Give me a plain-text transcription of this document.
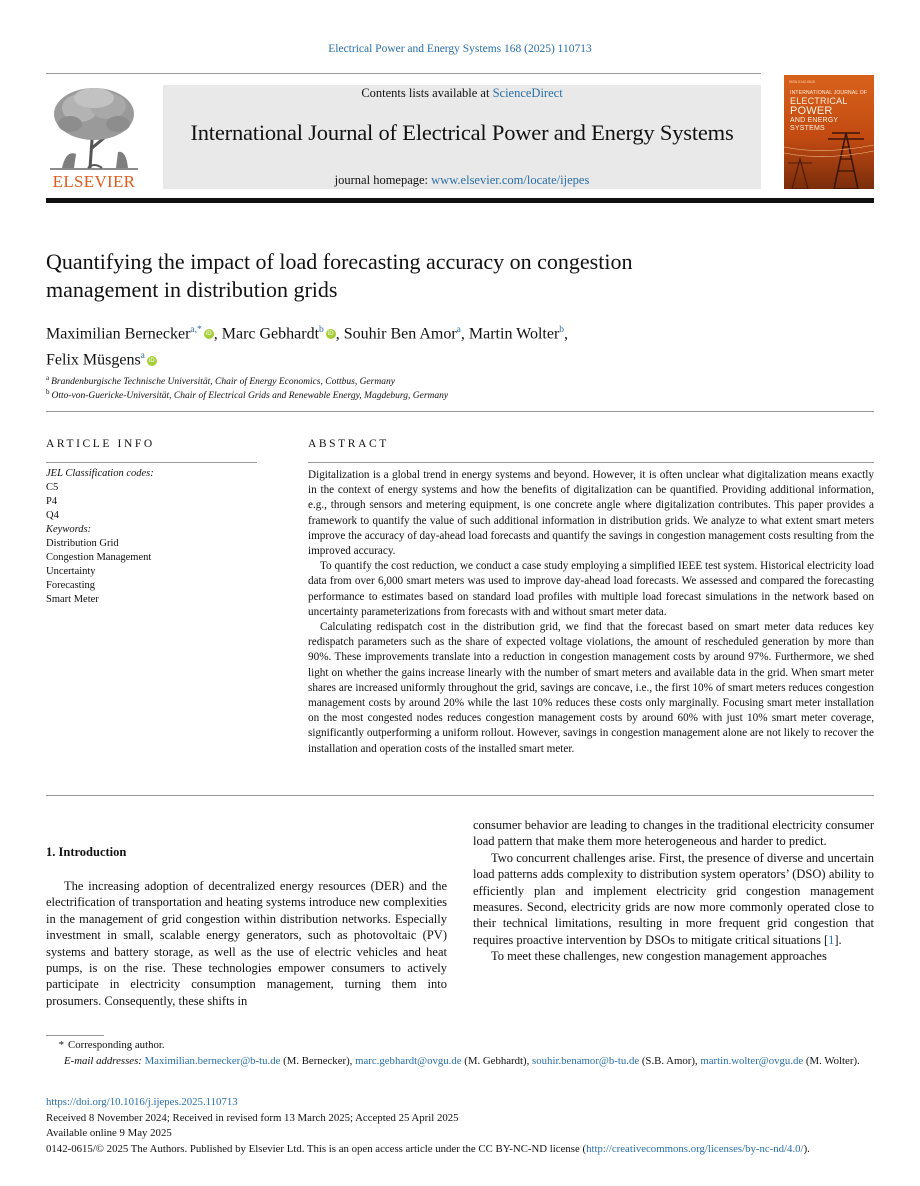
Electrical Power and Energy Systems 168 (2025) 110713
ELSEVIER
Contents lists available at ScienceDirect
International Journal of Electrical Power and Energy Systems
journal homepage: www.elsevier.com/locate/ijepes
ISSN 0142-0615
INTERNATIONAL JOURNAL OF
ELECTRICAL
POWER
AND ENERGY
SYSTEMS
Quantifying the impact of load forecasting accuracy on congestion
management in distribution grids
Maximilian Bernecker$^{a,*}$ iD , Marc Gebhardt$^b$ iD , Souhir Ben Amor$^a$, Martin Wolter$^b$,
Felix Müsgens$^a$ iD
$^a$ Brandenburgische Technische Universität, Chair of Energy Economics, Cottbus, Germany
$^b$ Otto-von-Guericke-Universität, Chair of Electrical Grids and Renewable Energy, Magdeburg, Germany
ARTICLE INFO	ABSTRACT
JEL Classification codes:
C5
P4
Q4
Keywords:
Distribution Grid
Congestion Management
Uncertainty
Forecasting
Smart Meter

Digitalization is a global trend in energy systems and beyond. However, it is often unclear what digitalization means exactly in the context of energy systems and how the benefits of digitalization can be quantified. Providing additional information, e.g., through sensors and metering equipment, is one concrete angle where digitalization contributes. This paper provides a framework to quantify the value of such additional information in distribution grids. We analyze to what extent smart meters improve the accuracy of day-ahead load forecasts and quantify the savings in congestion management costs resulting from the improved accuracy.

To quantify the cost reduction, we conduct a case study employing a simplified IEEE test system. Historical electricity load data from over 6,000 smart meters was used to improve day-ahead load forecasts. We assessed and compared the forecasting performance to estimates based on standard load profiles with multiple load forecast simulations in the network based on uncertainty parameterizations from forecasts with and without smart meter data.

Calculating redispatch cost in the distribution grid, we find that the forecast based on smart meter data reduces key redispatch parameters such as the share of expected voltage violations, the amount of rescheduled generation by more than 90%. These improvements translate into a reduction in congestion management costs by around 97%. Furthermore, we shed light on whether the gains increase linearly with the number of smart meters and available data in the grid. When smart meter shares are increased uniformly throughout the grid, savings are concave, i.e., the first 10% of smart meters reduces congestion management costs by around 20% while the last 10% reduces these costs only marginally. Focusing smart meter installation on the most congested nodes reduces congestion management costs by around 60% with just 10% smart meter coverage, significantly outperforming a uniform rollout. However, savings in congestion management alone are not likely to recover the installation and operation costs of the installed smart meter.

1. Introduction

The increasing adoption of decentralized energy resources (DER) and the electrification of transportation and heating systems introduce new complexities in the management of grid congestion within distribution networks. Especially investment in small, scalable energy generators, such as photovoltaic (PV) systems and battery storage, as well as the use of electric vehicles and heat pumps, is on the rise. These technologies empower consumers to actively participate in electricity consumption management, turning them into prosumers. Consequently, these shifts in

consumer behavior are leading to changes in the traditional electricity consumer load pattern that make them more heterogeneous and harder to predict.

Two concurrent challenges arise. First, the presence of diverse and uncertain load patterns adds complexity to distribution system operators’ (DSO) ability to efficiently plan and implement electricity grid congestion management measures. Second, electricity grids are now more commonly operated close to their technical limitations, resulting in more frequent grid congestion that requires proactive intervention by DSOs to mitigate critical situations [1].

To meet these challenges, new congestion management approaches

* Corresponding author.
E-mail addresses: Maximilian.bernecker@b-tu.de (M. Bernecker), marc.gebhardt@ovgu.de (M. Gebhardt), souhir.benamor@b-tu.de (S.B. Amor), martin.wolter@ovgu.de (M. Wolter).
https://doi.org/10.1016/j.ijepes.2025.110713
Received 8 November 2024; Received in revised form 13 March 2025; Accepted 25 April 2025
Available online 9 May 2025
0142-0615/© 2025 The Authors. Published by Elsevier Ltd. This is an open access article under the CC BY-NC-ND license (http://creativecommons.org/licenses/by-nc-nd/4.0/).
